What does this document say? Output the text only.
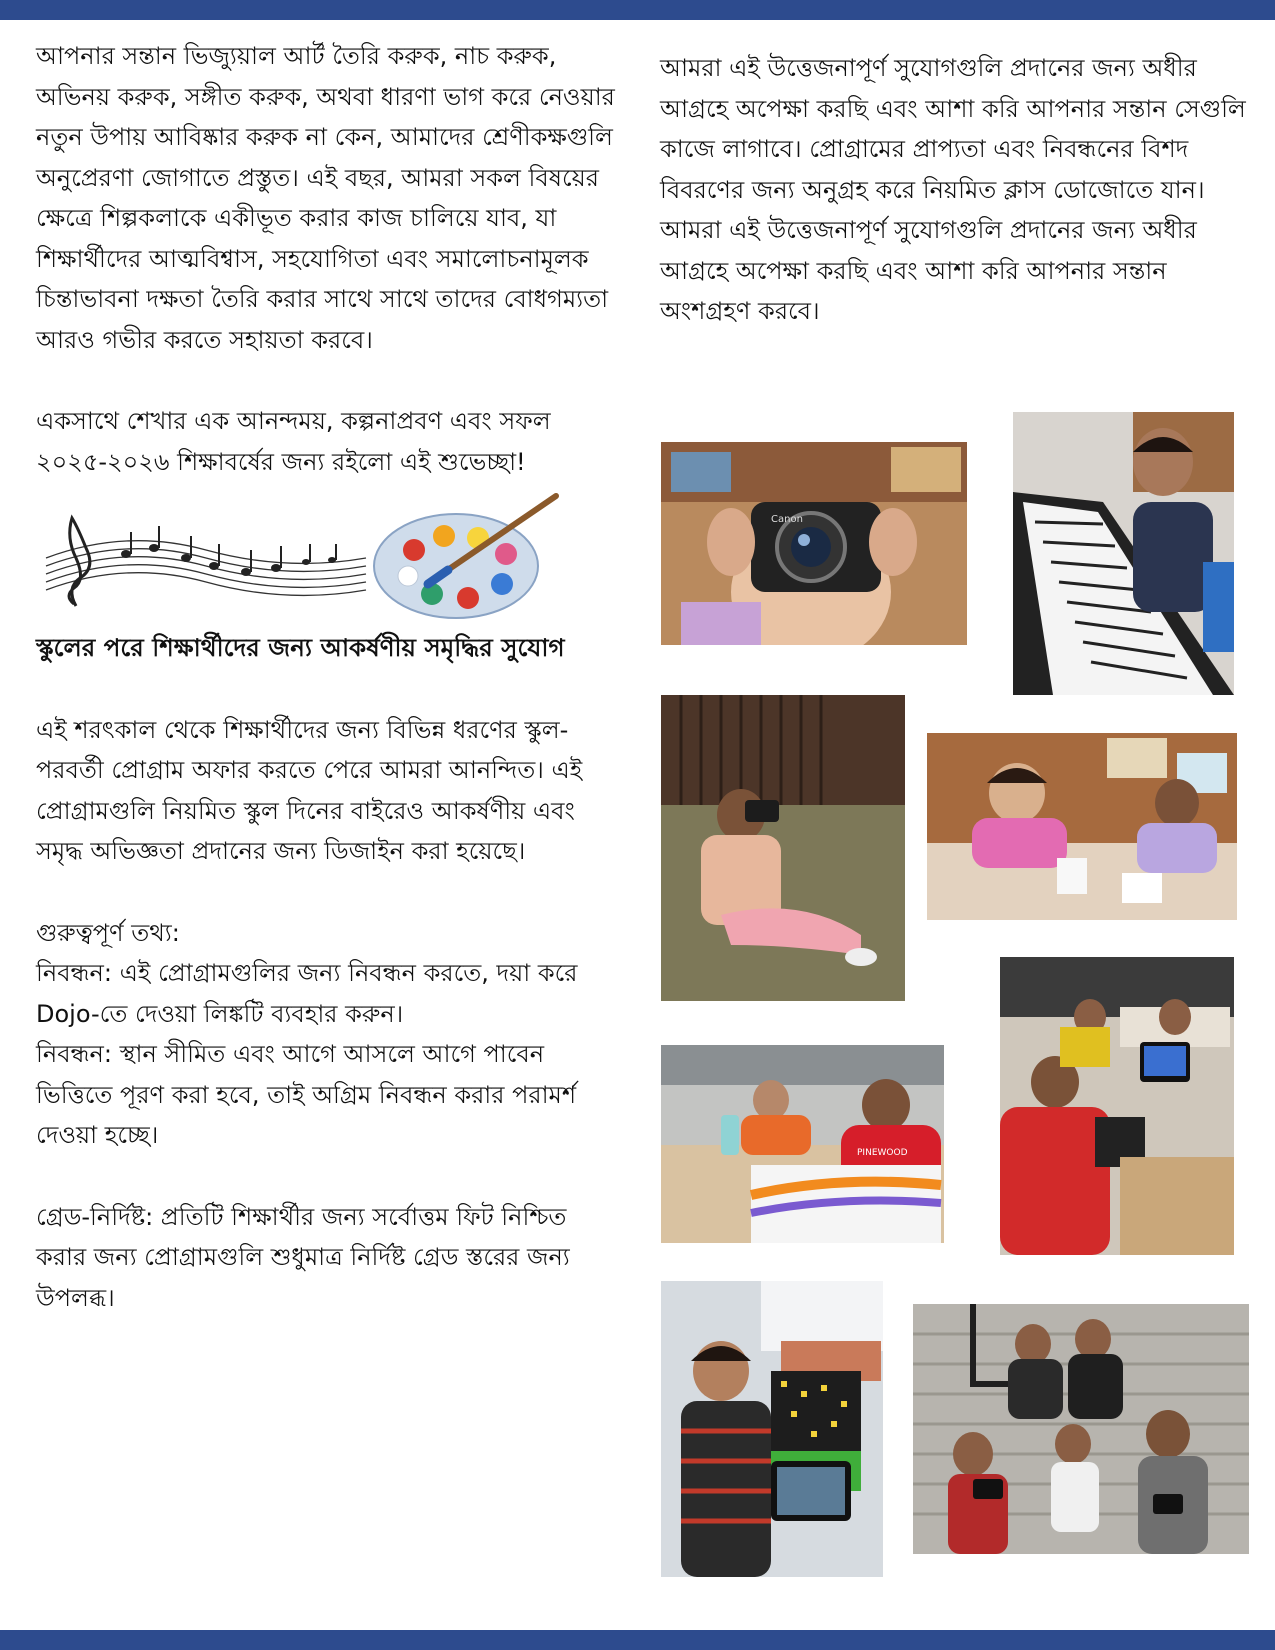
আপনার সন্তান ভিজ্যুয়াল আর্ট তৈরি করুক, নাচ করুক, অভিনয় করুক, সঙ্গীত করুক, অথবা ধারণা ভাগ করে নেওয়ার নতুন উপায় আবিষ্কার করুক না কেন, আমাদের শ্রেণীকক্ষগুলি অনুপ্রেরণা জোগাতে প্রস্তুত। এই বছর, আমরা সকল বিষয়ের ক্ষেত্রে শিল্পকলাকে একীভূত করার কাজ চালিয়ে যাব, যা শিক্ষার্থীদের আত্মবিশ্বাস, সহযোগিতা এবং সমালোচনামূলক চিন্তাভাবনা দক্ষতা তৈরি করার সাথে সাথে তাদের বোধগম্যতা আরও গভীর করতে সহায়তা করবে।

একসাথে শেখার এক আনন্দময়, কল্পনাপ্রবণ এবং সফল ২০২৫-২০২৬ শিক্ষাবর্ষের জন্য রইলো এই শুভেচ্ছা!

স্কুলের পরে শিক্ষার্থীদের জন্য আকর্ষণীয় সমৃদ্ধির সুযোগ

এই শরৎকাল থেকে শিক্ষার্থীদের জন্য বিভিন্ন ধরণের স্কুল-পরবর্তী প্রোগ্রাম অফার করতে পেরে আমরা আনন্দিত। এই প্রোগ্রামগুলি নিয়মিত স্কুল দিনের বাইরেও আকর্ষণীয় এবং সমৃদ্ধ অভিজ্ঞতা প্রদানের জন্য ডিজাইন করা হয়েছে।

গুরুত্বপূর্ণ তথ্য:

নিবন্ধন: এই প্রোগ্রামগুলির জন্য নিবন্ধন করতে, দয়া করে Dojo-তে দেওয়া লিঙ্কটি ব্যবহার করুন।

নিবন্ধন: স্থান সীমিত এবং আগে আসলে আগে পাবেন ভিত্তিতে পূরণ করা হবে, তাই অগ্রিম নিবন্ধন করার পরামর্শ দেওয়া হচ্ছে।

গ্রেড-নির্দিষ্ট: প্রতিটি শিক্ষার্থীর জন্য সর্বোত্তম ফিট নিশ্চিত করার জন্য প্রোগ্রামগুলি শুধুমাত্র নির্দিষ্ট গ্রেড স্তরের জন্য উপলব্ধ।

আমরা এই উত্তেজনাপূর্ণ সুযোগগুলি প্রদানের জন্য অধীর আগ্রহে অপেক্ষা করছি এবং আশা করি আপনার সন্তান সেগুলি কাজে লাগাবে। প্রোগ্রামের প্রাপ্যতা এবং নিবন্ধনের বিশদ বিবরণের জন্য অনুগ্রহ করে নিয়মিত ক্লাস ডোজোতে যান। আমরা এই উত্তেজনাপূর্ণ সুযোগগুলি প্রদানের জন্য অধীর আগ্রহে অপেক্ষা করছি এবং আশা করি আপনার সন্তান অংশগ্রহণ করবে।

Canon
PINEWOOD
